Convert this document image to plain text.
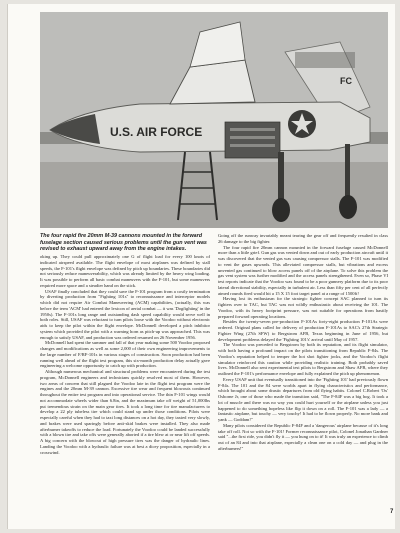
U.S. AIR FORCE
FC

The four rapid fire 20mm M-39 cannons mounted in the forward fuselage section caused serious problems until the gun vent was revised to exhaust upward away from the engine intakes.

oking up. They could pull approximately one G of flight load for every 100 knots of indicated airspeed available. The flight envelope of most airplanes was defined by stall speeds, the F-101's flight envelope was defined by pitch up boundaries. These boundaries did not seriously reduce maneuverability, which was already limited by the heavy wing loading. It was possible to perform all basic combat maneuvers with the F-101, but some maneuvers required more space and a steadier hand on the stick.

USAF finally concluded that they could save the F-101 program from a costly termination by diverting production from "Fighting 101s" to reconnaissance and interceptor models which did not require Air Combat Maneuvering (ACM) capabilities, (actually, this was before the term 'ACM' had entered the lexicon of aerial combat — it was 'Dogfighting' in the 1950s). The F-101s long range and outstanding dash speed capability would serve well in both roles. Still, USAF was reluctant to turn pilots loose with the Voodoo without electronic aids to keep the pilot within the flight envelope. McDonnell developed a pitch inhibitor system which provided the pilot with a warning horn as pitch-up was approached. This was enough to satisfy USAF, and production was ordered resumed on 26 November 1956.

McDonnell had spent the summer and fall of that year making some 500 Voodoo proposed changes and modifications as well as some 2,000 of their own engineering improvements to the large number of F/RF-101s in various stages of construction. Soon production had been running well ahead of the flight test program, this six-month production delay actually gave engineering a welcome opportunity to catch up with production.

Although numerous mechanical and structural problems were encountered during the test program, McDonnell engineers and technicians quickly resolved most of them. However, two areas of concern that still plagued the Voodoo late in the flight test program were the engines and the 20mm M-39 cannon. Excessive tire wear and frequent blowouts continued throughout the entire test program and into operational service. The thin F-101 wings would not accommodate wheels wider than 6.8in, and the maximum take off weight of 51,000lbs put tremendous strain on the main gear tires. It took a long time for tire manufacturers to develop a 22 ply tubeless tire which could stand up under those conditions. Pilots were especially careful when they had to taxi long distances on a hot day, they taxied very slowly, and brakes were used sparingly before anti-skid brakes were installed. They also made afterburner takeoffs to reduce the load. Fortunately the Voodoo could be landed successfully with a blown tire and take offs were generally aborted if a tire blew at or near lift off speeds. A big concern with the blowout of high pressure tires was the danger of hydraulic lines. Landing the Voodoo with a hydraulic failure was at best a dicey proposition, especially in a crosswind.

Going off the runway invariably meant tearing the gear off and frequently resulted in class 26 damage to the big fighter.

The four rapid fire 20mm cannon mounted in the forward fuselage caused McDonnell more than a little grief. Gun gas was vented down and out of early production aircraft until it was discovered that the vented gas was causing compressor stalls. The F-101 was modified to vent the gases upwards. This alleviated compressor stalls, but vibrations and excess unvented gas continued to blow access panels off of the airplane. To solve this problem the gas vent system was further modified and the access panels strengthened. Even so, Phase VI test reports indicate that the Voodoo was found to be a poor gunnery platform due to its poor lateral directional stability, especially in turbulent air. Less than fifty per cent of all perfectly aimed rounds fired would hit a 15 X 15 foot target panel at a range of 1500ft!

Having lost its enthusiasm for the strategic fighter concept SAC planned to turn its fighters over to TAC, but TAC was not wildly enthusiastic about receiving the 101. The Voodoo, with its heavy footprint pressure, was not suitable for operations from hastily prepared forward operating locations.

Besides the twenty-seven pre-production F-101As forty-eight production F-101As were ordered. Original plans called for delivery of production F-101As to SAC's 27th Strategic Fighter Wing (27th SFW) to Bergstrom AFB, Texas beginning in June of 1956, but development problems delayed the 'Fighting 101's' arrival until May of 1957.

The Voodoo was preceded to Bergstrom by both its reputation, and its flight simulator, with both having a profound impact on the pilots transitioning from Republic F-84s. The Voodoo's reputation helped to temper the hot shot fighter jocks, and the Voodoo's flight simulator reinforced this caution while providing realistic training. Both probably saved lives. McDonnell also sent experimental test pilots to Bergstrom and Shaw AFB, where they outlined the F-101's performance envelope and fully explained the pitch up phenomenon.

Every USAF unit that eventually transitioned into the 'Fighting 101' had previously flown F-84s. The 101 and the 84 were worlds apart in flying characteristics and performance, which brought about some drastic departures from old flying habits. Colonel C.Robert 'Ox' Osborne Jr, one of those who made the transition said, "The F-84F was a big hog. It took a lot of muscle and there was no way you could hurt yourself or the airplane unless you just happened to do something hopeless like flip it down on a roll. The F-101 was a lady — a fantastic airplane, but touchy — very touchy! It had to be flown properly. No more bank and yank — Goddam!"

Many pilots considered the Republic F-84F and a 'dangerous' airplane because of it's long take off roll. Not so with the F-101! Former reconnaissance pilot, Colonel Jonathan Gardner said "...the first ride, you didn't fly it — you hung on to it! It was truly an experience to climb out of an 84 and into that airplane, especially a clean one on a cold day — and plug in the afterburners!"

7
